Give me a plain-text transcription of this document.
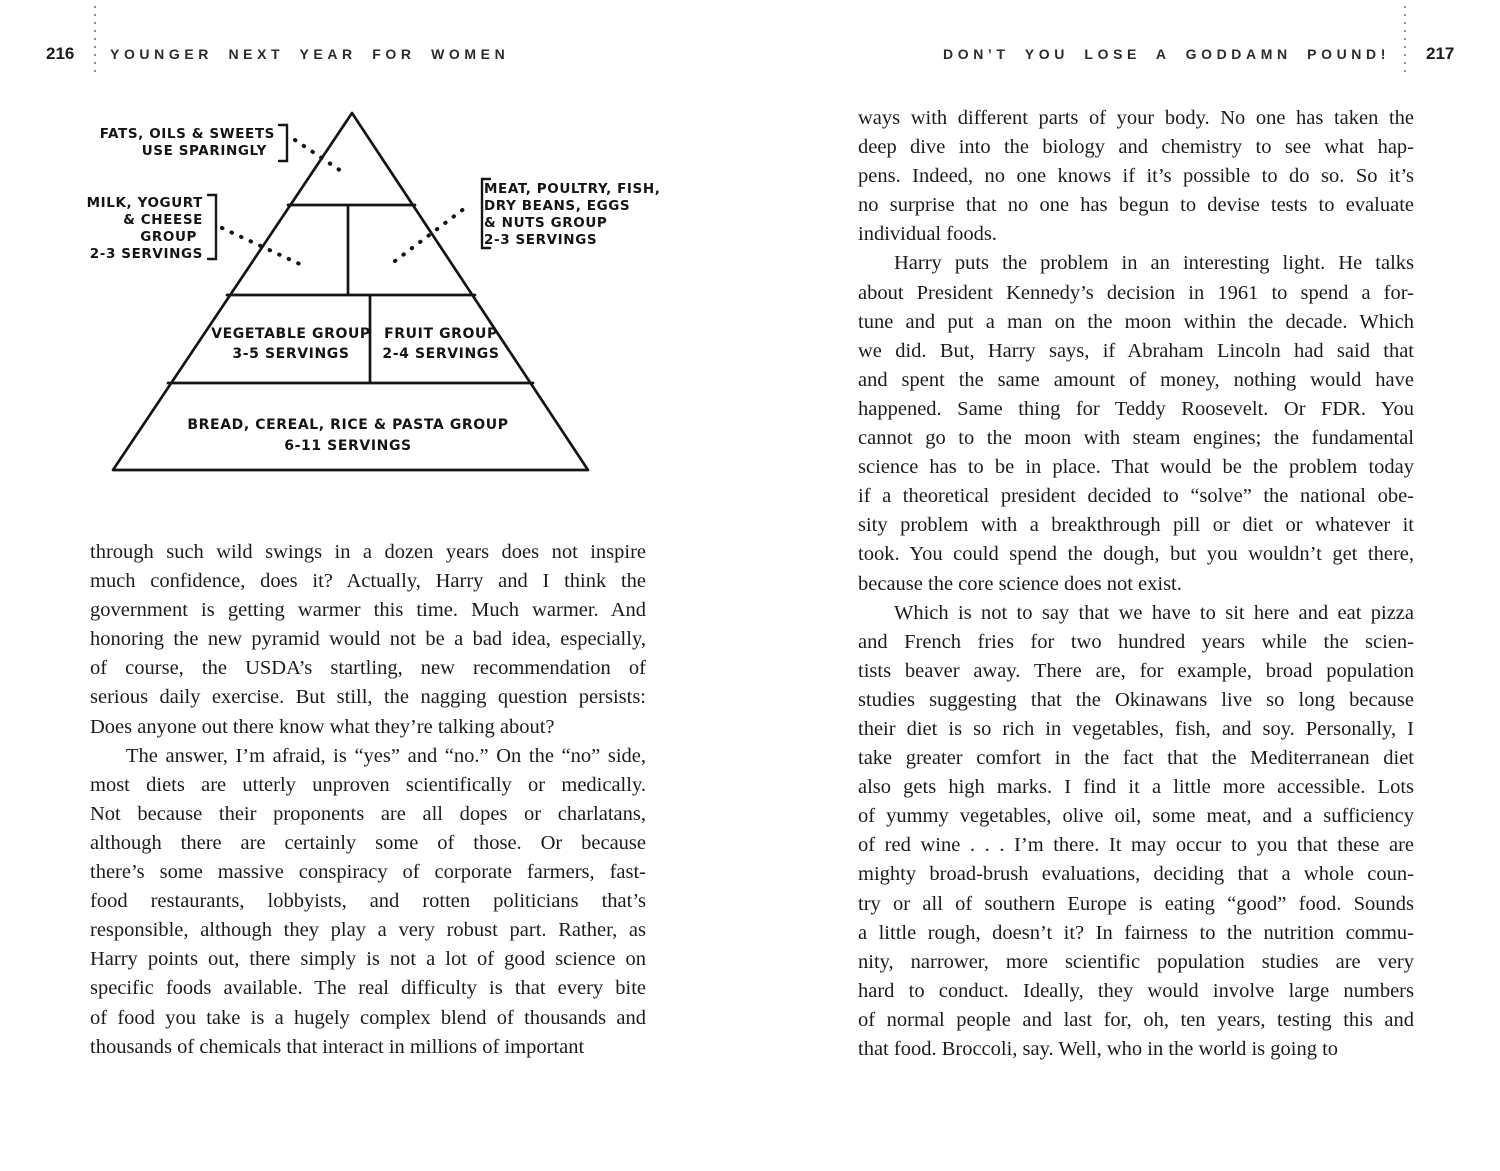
216	YOUNGER NEXT YEAR FOR WOMEN	DON’T YOU LOSE A GODDAMN POUND! 217
FATS, OILS & SWEETS
USE SPARINGLY
MILK, YOGURT
& CHEESE
GROUP
2-3 SERVINGS
MEAT, POULTRY, FISH,
DRY BEANS, EGGS
& NUTS GROUP
2-3 SERVINGS
VEGETABLE GROUP
3-5 SERVINGS
FRUIT GROUP
2-4 SERVINGS
BREAD, CEREAL, RICE & PASTA GROUP
6-11 SERVINGS
through such wild swings in a dozen years does not inspire
much confidence, does it? Actually, Harry and I think the
government is getting warmer this time. Much warmer. And
honoring the new pyramid would not be a bad idea, especially,
of course, the USDA’s startling, new recommendation of
serious daily exercise. But still, the nagging question persists:
Does anyone out there know what they’re talking about?
The answer, I’m afraid, is “yes” and “no.” On the “no” side,
most diets are utterly unproven scientifically or medically.
Not because their proponents are all dopes or charlatans,
although there are certainly some of those. Or because
there’s some massive conspiracy of corporate farmers, fast-
food restaurants, lobbyists, and rotten politicians that’s
responsible, although they play a very robust part. Rather, as
Harry points out, there simply is not a lot of good science on
specific foods available. The real difficulty is that every bite
of food you take is a hugely complex blend of thousands and
thousands of chemicals that interact in millions of important
ways with different parts of your body. No one has taken the
deep dive into the biology and chemistry to see what hap-
pens. Indeed, no one knows if it’s possible to do so. So it’s
no surprise that no one has begun to devise tests to evaluate
individual foods.
Harry puts the problem in an interesting light. He talks
about President Kennedy’s decision in 1961 to spend a for-
tune and put a man on the moon within the decade. Which
we did. But, Harry says, if Abraham Lincoln had said that
and spent the same amount of money, nothing would have
happened. Same thing for Teddy Roosevelt. Or FDR. You
cannot go to the moon with steam engines; the fundamental
science has to be in place. That would be the problem today
if a theoretical president decided to “solve” the national obe-
sity problem with a breakthrough pill or diet or whatever it
took. You could spend the dough, but you wouldn’t get there,
because the core science does not exist.
Which is not to say that we have to sit here and eat pizza
and French fries for two hundred years while the scien-
tists beaver away. There are, for example, broad population
studies suggesting that the Okinawans live so long because
their diet is so rich in vegetables, fish, and soy. Personally, I
take greater comfort in the fact that the Mediterranean diet
also gets high marks. I find it a little more accessible. Lots
of yummy vegetables, olive oil, some meat, and a sufficiency
of red wine . . . I’m there. It may occur to you that these are
mighty broad-brush evaluations, deciding that a whole coun-
try or all of southern Europe is eating “good” food. Sounds
a little rough, doesn’t it? In fairness to the nutrition commu-
nity, narrower, more scientific population studies are very
hard to conduct. Ideally, they would involve large numbers
of normal people and last for, oh, ten years, testing this and
that food. Broccoli, say. Well, who in the world is going to
